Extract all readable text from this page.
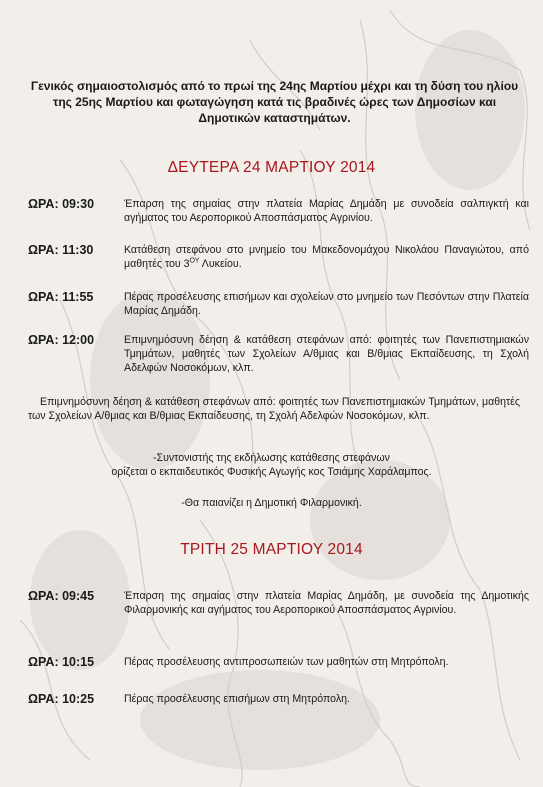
Γενικός σημαιοστολισμός από το πρωί της 24ης Μαρτίου μέχρι και τη δύση του ηλίου της 25ης Μαρτίου και φωταγώγηση κατά τις βραδινές ώρες των Δημοσίων και Δημοτικών καταστημάτων.
ΔΕΥΤΕΡΑ 24 ΜΑΡΤΙΟΥ 2014
ΩΡΑ: 09:30	Έπαρση της σημαίας στην πλατεία Μαρίας Δημάδη με συνοδεία σαλπιγκτή και αγήματος του Αεροπορικού Αποσπάσματος Αγρινίου.
ΩΡΑ: 11:30	Κατάθεση στεφάνου στο μνημείο του Μακεδονομάχου Νικολάου Παναγιώτου, από μαθητές του $3^{O\Upsilon}$ Λυκείου.
ΩΡΑ: 11:55	Πέρας προσέλευσης επισήμων και σχολείων στο μνημείο των Πεσόντων στην Πλατεία Μαρίας Δημάδη.
ΩΡΑ: 12:00	Επιμνημόσυνη δέηση & κατάθεση στεφάνων από: φοιτητές των Πανεπιστημιακών Τμημάτων, μαθητές των Σχολείων Α/θμιας και Β/θμιας Εκπαίδευσης, τη Σχολή Αδελφών Νοσοκόμων, κλπ.
Επιμνημόσυνη δέηση & κατάθεση στεφάνων από: φοιτητές των Πανεπιστημιακών Τμημάτων, μαθητές των Σχολείων Α/θμιας και Β/θμιας Εκπαίδευσης, τη Σχολή Αδελφών Νοσοκόμων, κλπ.
-Συντονιστής της εκδήλωσης κατάθεσης στεφάνων
ορίζεται ο εκπαιδευτικός Φυσικής Αγωγής κος Τσιάμης Χαράλαμπος.
-Θα παιανίζει η Δημοτική Φιλαρμονική.
ΤΡΙΤΗ 25 ΜΑΡΤΙΟΥ 2014
ΩΡΑ: 09:45	Έπαρση της σημαίας στην πλατεία Μαρίας Δημάδη, με συνοδεία της Δημοτικής Φιλαρμονικής και αγήματος του Αεροπορικού Αποσπάσματος Αγρινίου.
ΩΡΑ: 10:15	Πέρας προσέλευσης αντιπροσωπειών των μαθητών στη Μητρόπολη.
ΩΡΑ: 10:25	Πέρας προσέλευσης επισήμων στη Μητρόπολη.
